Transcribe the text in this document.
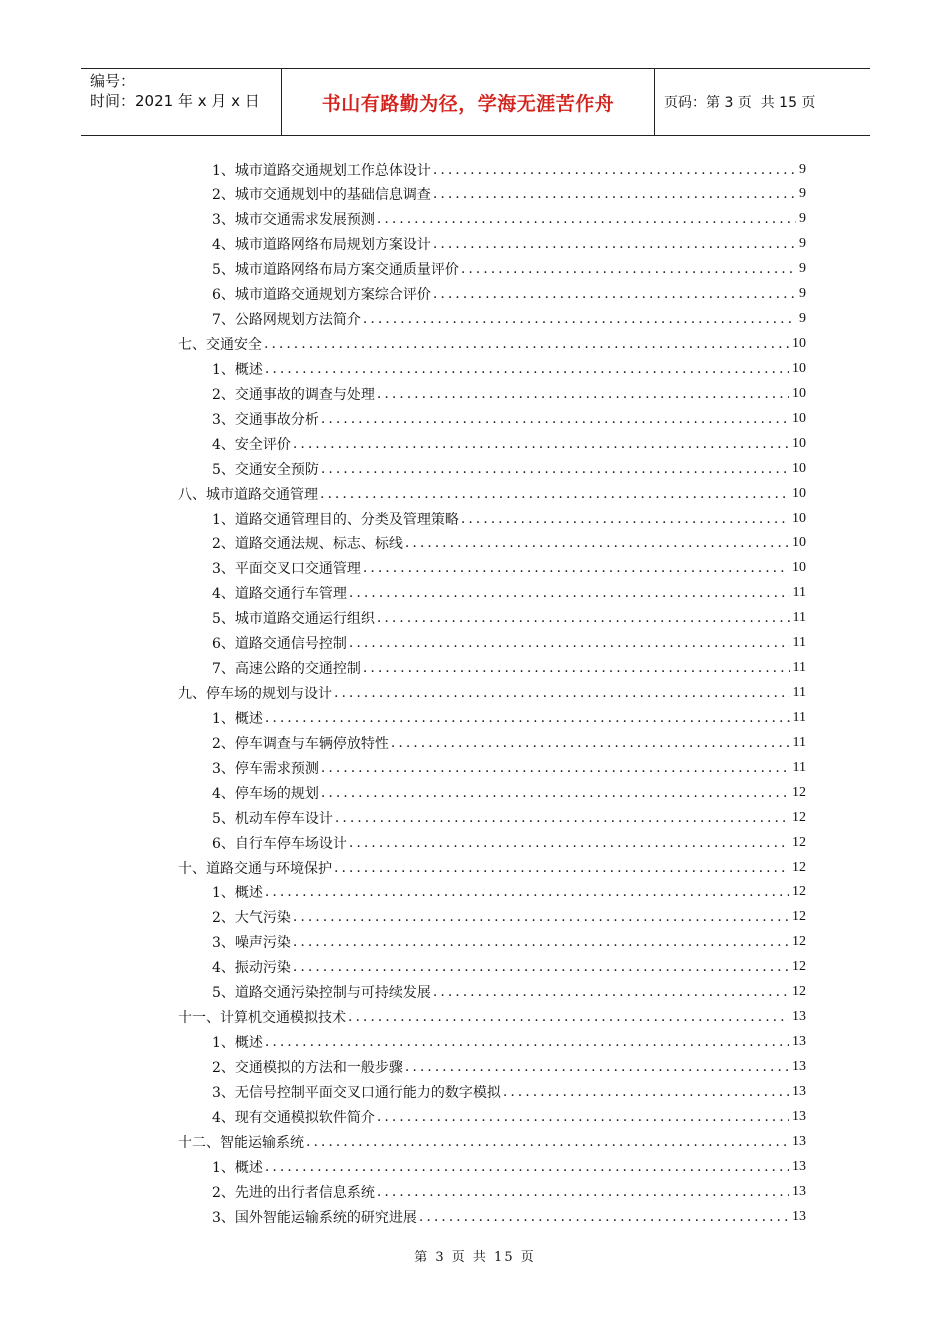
编号：
时间：2021 年 x 月 x 日	书山有路勤为径，学海无涯苦作舟	页码：第 3 页  共 15 页
1、城市道路交通规划工作总体设计 .....	9
2、城市交通规划中的基础信息调查 .....	9
3、城市交通需求发展预测 .....	9
4、城市道路网络布局规划方案设计 .....	9
5、城市道路网络布局方案交通质量评价 .....	9
6、城市道路交通规划方案综合评价 .....	9
7、公路网规划方法简介 .....	9
七、交通安全 .....	10
1、概述 .....	10
2、交通事故的调查与处理 .....	10
3、交通事故分析 .....	10
4、安全评价 .....	10
5、交通安全预防 .....	10
八、城市道路交通管理 .....	10
1、道路交通管理目的、分类及管理策略 .....	10
2、道路交通法规、标志、标线 .....	10
3、平面交叉口交通管理 .....	10
4、道路交通行车管理 .....	11
5、城市道路交通运行组织 .....	11
6、道路交通信号控制 .....	11
7、高速公路的交通控制 .....	11
九、停车场的规划与设计 .....	11
1、概述 .....	11
2、停车调查与车辆停放特性 .....	11
3、停车需求预测 .....	11
4、停车场的规划 .....	12
5、机动车停车设计 .....	12
6、自行车停车场设计 .....	12
十、道路交通与环境保护 .....	12
1、概述 .....	12
2、大气污染 .....	12
3、噪声污染 .....	12
4、振动污染 .....	12
5、道路交通污染控制与可持续发展 .....	12
十一、计算机交通模拟技术 .....	13
1、概述 .....	13
2、交通模拟的方法和一般步骤 .....	13
3、无信号控制平面交叉口通行能力的数字模拟 .....	13
4、现有交通模拟软件简介 .....	13
十二、智能运输系统 .....	13
1、概述 .....	13
2、先进的出行者信息系统 .....	13
3、国外智能运输系统的研究进展 .....	13
第 3 页 共 15 页
